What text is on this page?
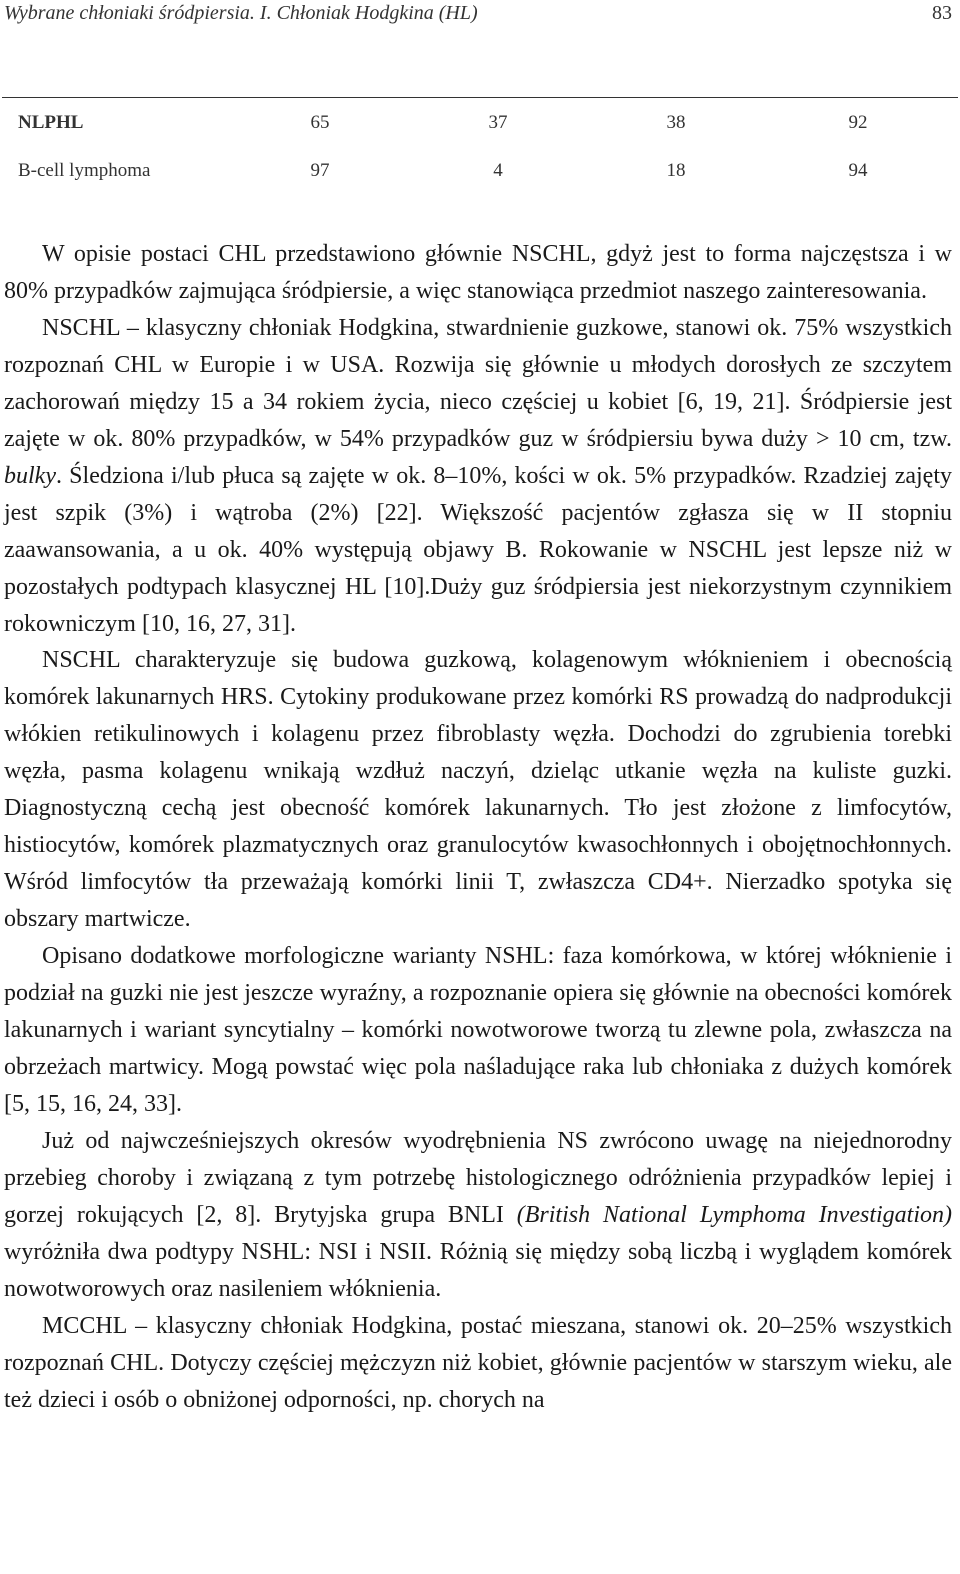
Wybrane chłoniaki śródpiersia. I. Chłoniak Hodgkina (HL)	83
NLPHL	65	37	38	92
B-cell lymphoma	97	4	18	94

W opisie postaci CHL przedstawiono głównie NSCHL, gdyż jest to forma najczęstsza i w 80% przypadków zajmująca śródpiersie, a więc stanowiąca przedmiot naszego zainteresowania.

NSCHL – klasyczny chłoniak Hodgkina, stwardnienie guzkowe, stanowi ok. 75% wszystkich rozpoznań CHL w Europie i w USA. Rozwija się głównie u młodych dorosłych ze szczytem zachorowań między 15 a 34 rokiem życia, nieco częściej u kobiet [6, 19, 21]. Śródpiersie jest zajęte w ok. 80% przypadków, w 54% przypadków guz w śródpiersiu bywa duży > 10 cm, tzw. bulky. Śledziona i/lub płuca są zajęte w ok. 8–10%, kości w ok. 5% przypadków. Rzadziej zajęty jest szpik (3%) i wątroba (2%) [22]. Większość pacjentów zgłasza się w II stopniu zaawansowania, a u ok. 40% występują objawy B. Rokowanie w NSCHL jest lepsze niż w pozostałych podtypach klasycznej HL [10].Duży guz śródpiersia jest niekorzystnym czynnikiem rokowniczym [10, 16, 27, 31].

NSCHL charakteryzuje się budowa guzkową, kolagenowym włóknieniem i obecnością komórek lakunarnych HRS. Cytokiny produkowane przez komórki RS prowadzą do nadprodukcji włókien retikulinowych i kolagenu przez fibroblasty węzła. Dochodzi do zgrubienia torebki węzła, pasma kolagenu wnikają wzdłuż naczyń, dzieląc utkanie węzła na kuliste guzki. Diagnostyczną cechą jest obecność komórek lakunarnych. Tło jest złożone z limfocytów, histiocytów, komórek plazmatycznych oraz granulocytów kwasochłonnych i obojętnochłonnych. Wśród limfocytów tła przeważają komórki linii T, zwłaszcza CD4+. Nierzadko spotyka się obszary martwicze.

Opisano dodatkowe morfologiczne warianty NSHL: faza komórkowa, w której włóknienie i podział na guzki nie jest jeszcze wyraźny, a rozpoznanie opiera się głównie na obecności komórek lakunarnych i wariant syncytialny – komórki nowotworowe tworzą tu zlewne pola, zwłaszcza na obrzeżach martwicy. Mogą powstać więc pola naśladujące raka lub chłoniaka z dużych komórek [5, 15, 16, 24, 33].

Już od najwcześniejszych okresów wyodrębnienia NS zwrócono uwagę na niejednorodny przebieg choroby i związaną z tym potrzebę histologicznego odróżnienia przypadków lepiej i gorzej rokujących [2, 8]. Brytyjska grupa BNLI (British National Lymphoma Investigation) wyróżniła dwa podtypy NSHL: NSI i NSII. Różnią się między sobą liczbą i wyglądem komórek nowotworowych oraz nasileniem włóknienia.

MCCHL – klasyczny chłoniak Hodgkina, postać mieszana, stanowi ok. 20–25% wszystkich rozpoznań CHL. Dotyczy częściej mężczyzn niż kobiet, głównie pacjentów w starszym wieku, ale też dzieci i osób o obniżonej odporności, np. chorych na
